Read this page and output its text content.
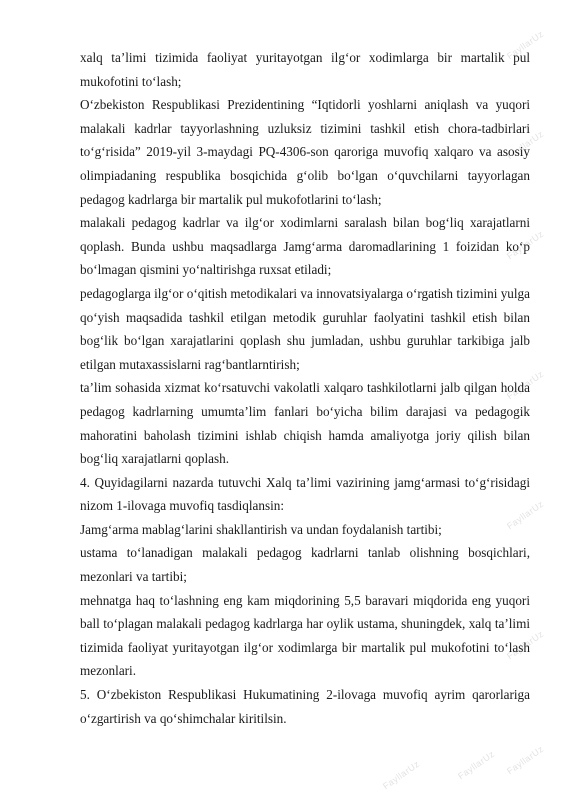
FayllarUz
FayllarUz
FayllarUz
FayllarUz
FayllarUz
FayllarUz
FayllarUz
FayllarUz
FayllarUz

xalq ta’limi tizimida faoliyat yuritayotgan ilg‘or xodimlarga bir martalik pul mukofotini to‘lash;

O‘zbekiston Respublikasi Prezidentining “Iqtidorli yoshlarni aniqlash va yuqori malakali kadrlar tayyorlashning uzluksiz tizimini tashkil etish chora-tadbirlari to‘g‘risida” 2019-yil 3-maydagi PQ-4306-son qaroriga muvofiq xalqaro va asosiy olimpiadaning respublika bosqichida g‘olib bo‘lgan o‘quvchilarni tayyorlagan pedagog kadrlarga bir martalik pul mukofotlarini to‘lash;

malakali pedagog kadrlar va ilg‘or xodimlarni saralash bilan bog‘liq xarajatlarni qoplash. Bunda ushbu maqsadlarga Jamg‘arma daromadlarining 1 foizidan ko‘p bo‘lmagan qismini yo‘naltirishga ruxsat etiladi;

pedagoglarga ilg‘or o‘qitish metodikalari va innovatsiyalarga o‘rgatish tizimini yulga qo‘yish maqsadida tashkil etilgan metodik guruhlar faolyatini tashkil etish bilan bog‘lik bo‘lgan xarajatlarini qoplash shu jumladan, ushbu guruhlar tarkibiga jalb etilgan mutaxassislarni rag‘bantlarntirish;

ta’lim sohasida xizmat ko‘rsatuvchi vakolatli xalqaro tashkilotlarni jalb qilgan holda pedagog kadrlarning umumta’lim fanlari bo‘yicha bilim darajasi va pedagogik mahoratini baholash tizimini ishlab chiqish hamda amaliyotga joriy qilish bilan bog‘liq xarajatlarni qoplash.

4. Quyidagilarni nazarda tutuvchi Xalq ta’limi vazirining jamg‘armasi to‘g‘risidagi nizom 1-ilovaga muvofiq tasdiqlansin:

Jamg‘arma mablag‘larini shakllantirish va undan foydalanish tartibi;

ustama to‘lanadigan malakali pedagog kadrlarni tanlab olishning bosqichlari, mezonlari va tartibi;

mehnatga haq to‘lashning eng kam miqdorining 5,5 baravari miqdorida eng yuqori ball to‘plagan malakali pedagog kadrlarga har oylik ustama, shuningdek, xalq ta’limi tizimida faoliyat yuritayotgan ilg‘or xodimlarga bir martalik pul mukofotini to‘lash mezonlari.

5. O‘zbekiston Respublikasi Hukumatining 2-ilovaga muvofiq ayrim qarorlariga o‘zgartirish va qo‘shimchalar kiritilsin.
